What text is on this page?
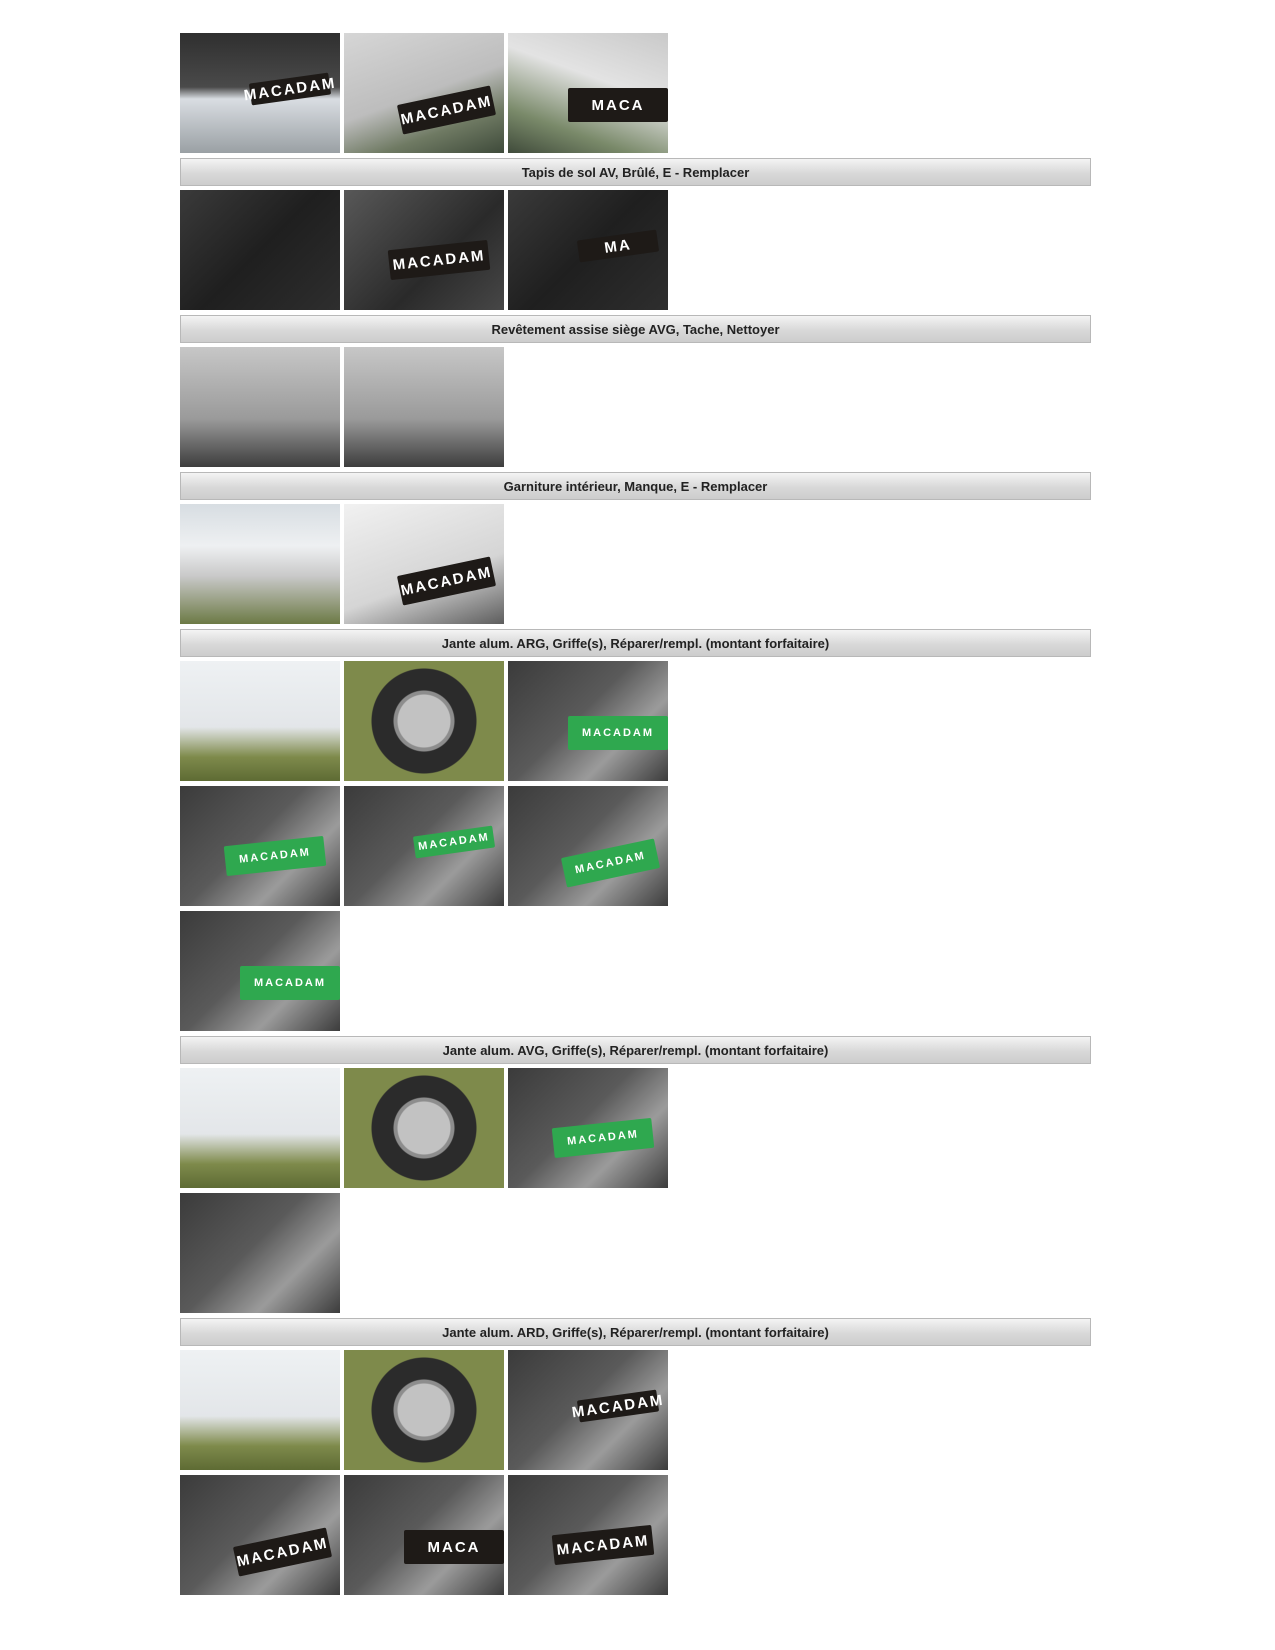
MACADAM
MACADAM	MACA
Tapis de sol AV, Brûlé, E - Remplacer
MACADAM
MA
Revêtement assise siège AVG, Tache, Nettoyer
Garniture intérieur, Manque, E - Remplacer
MACADAM
Jante alum. ARG, Griffe(s), Réparer/rempl. (montant forfaitaire)
MACADAM
MACADAM
MACADAM
MACADAM
MACADAM
Jante alum. AVG, Griffe(s), Réparer/rempl. (montant forfaitaire)
MACADAM
Jante alum. ARD, Griffe(s), Réparer/rempl. (montant forfaitaire)
MACADAM
MACADAM	MACA	MACADAM
